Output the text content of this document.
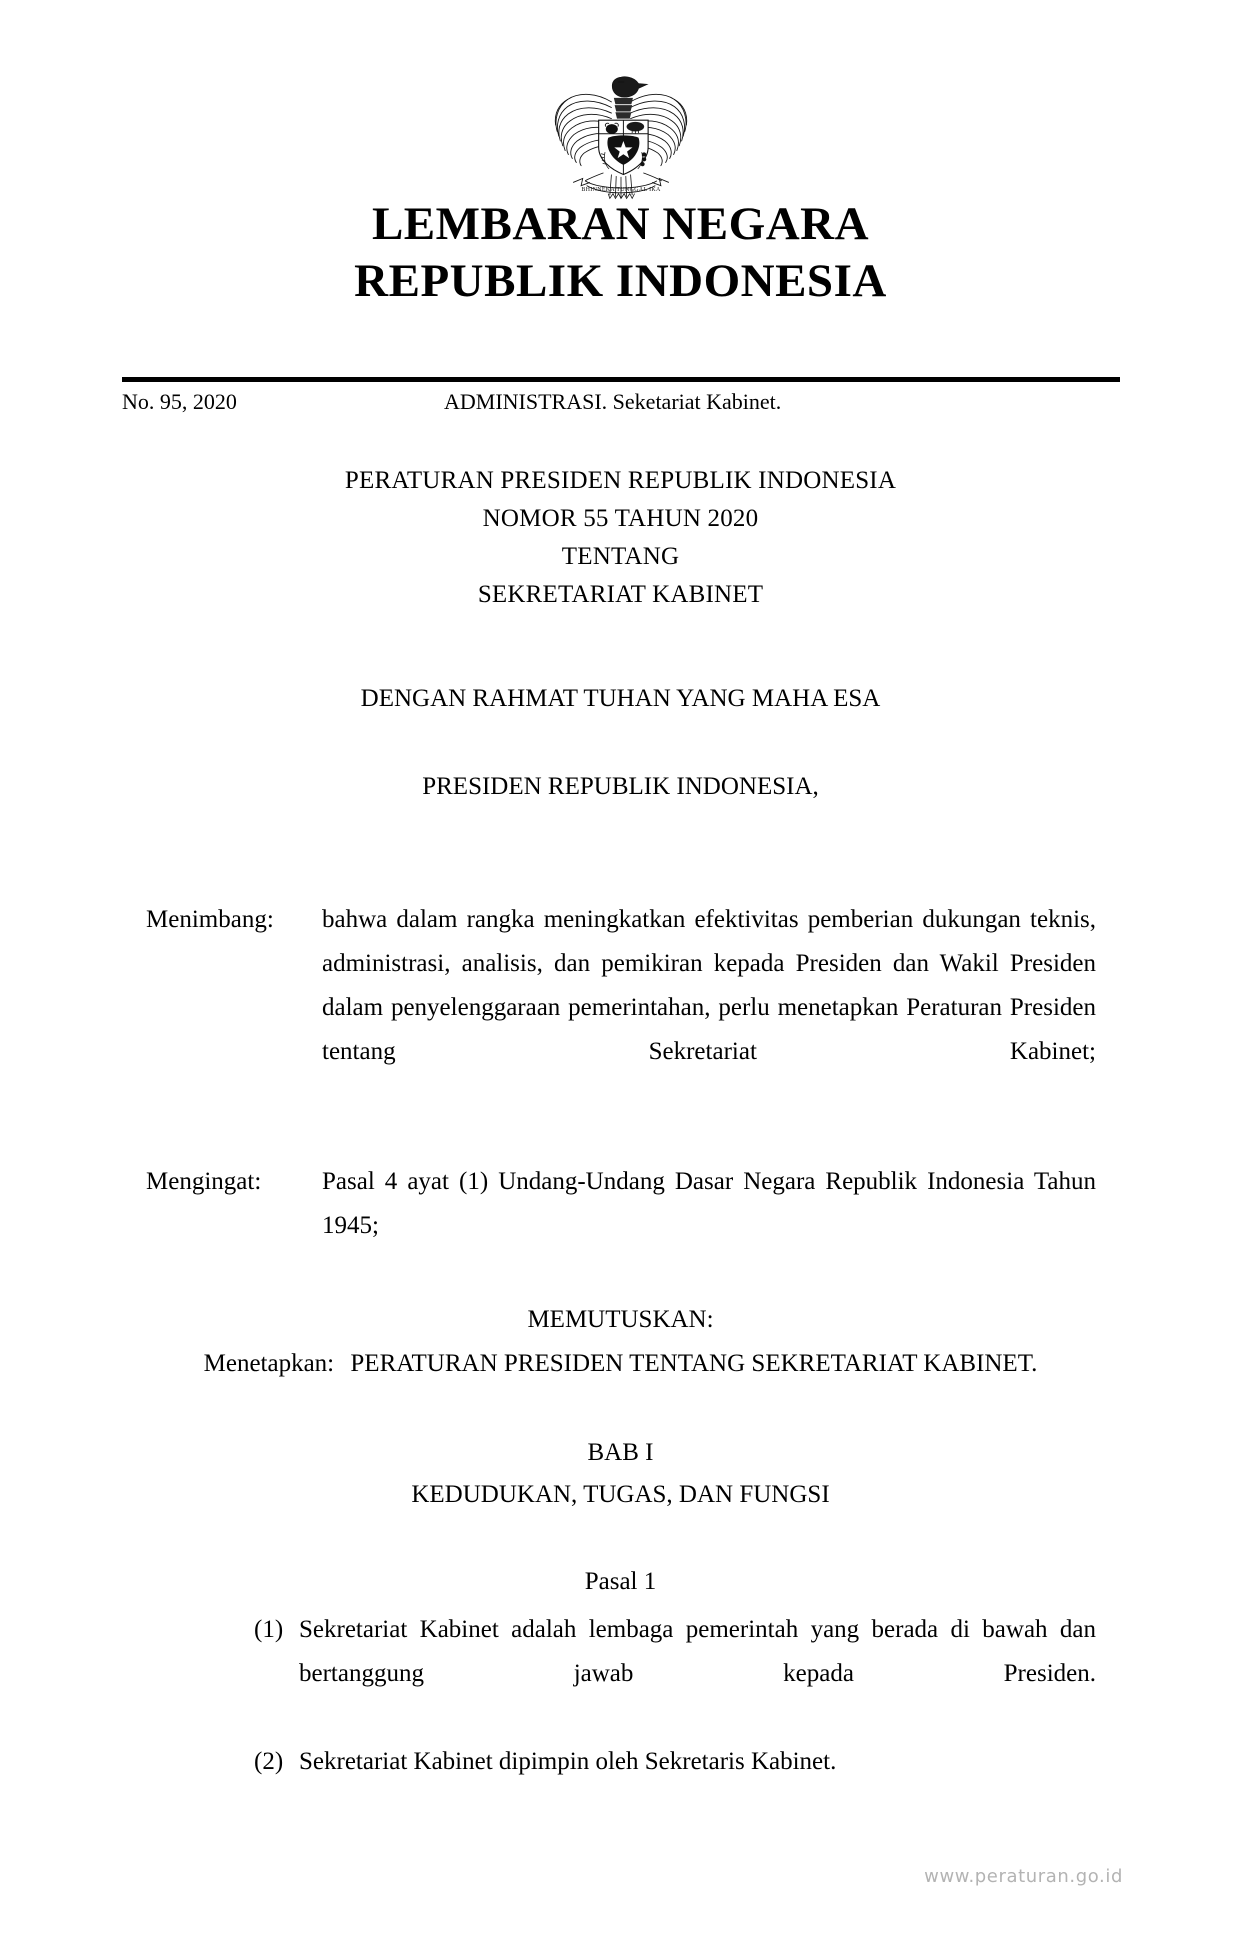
BHINNEKA TUNGGAL IKA
LEMBARAN NEGARA
REPUBLIK INDONESIA
No. 95, 2020	ADMINISTRASI. Seketariat Kabinet.
PERATURAN PRESIDEN REPUBLIK INDONESIA
NOMOR 55 TAHUN 2020
TENTANG
SEKRETARIAT KABINET
DENGAN RAHMAT TUHAN YANG MAHA ESA
PRESIDEN REPUBLIK INDONESIA,
Menimbang:	bahwa dalam rangka meningkatkan efektivitas pemberian dukungan teknis, administrasi, analisis, dan pemikiran kepada Presiden dan Wakil Presiden dalam penyelenggaraan pemerintahan, perlu menetapkan Peraturan Presiden tentang Sekretariat Kabinet;
Mengingat:	Pasal 4 ayat (1) Undang-Undang Dasar Negara Republik Indonesia Tahun 1945;
MEMUTUSKAN:
Menetapkan: PERATURAN PRESIDEN TENTANG SEKRETARIAT KABINET.
BAB I
KEDUDUKAN, TUGAS, DAN FUNGSI
Pasal 1
(1) Sekretariat Kabinet adalah lembaga pemerintah yang berada di bawah dan bertanggung jawab kepada Presiden.
(2) Sekretariat Kabinet dipimpin oleh Sekretaris Kabinet.
www.peraturan.go.id
